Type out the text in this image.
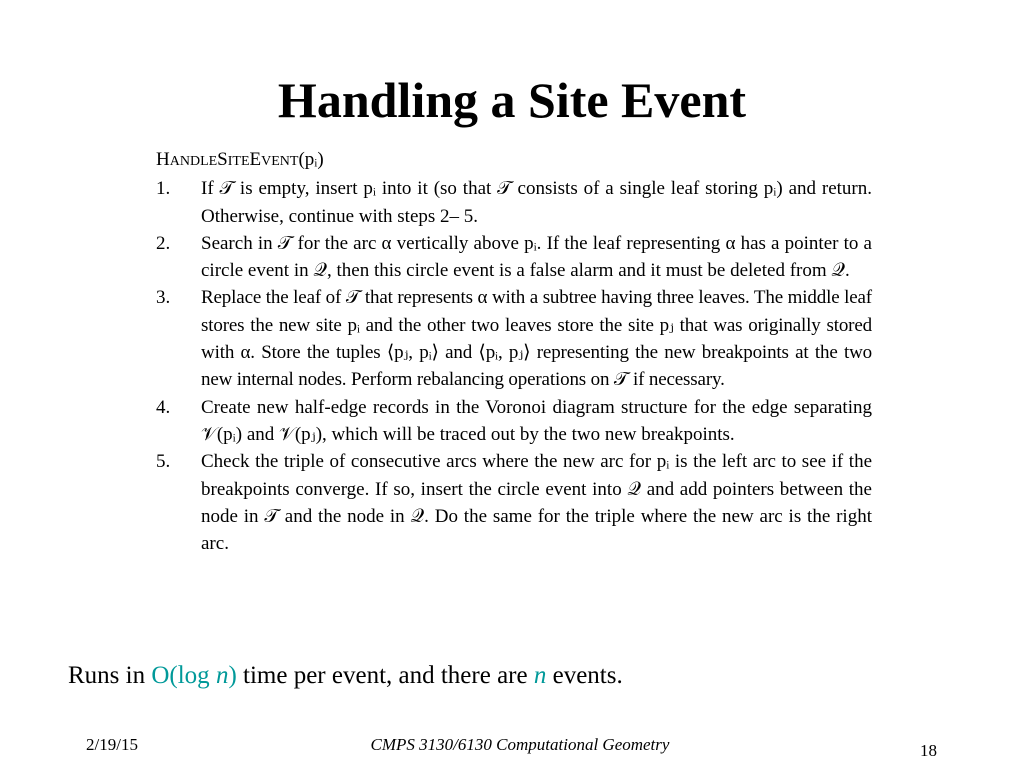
Handling a Site Event
HANDLESITEEVENT(pᵢ)
1. If 𝒯 is empty, insert pᵢ into it (so that 𝒯 consists of a single leaf storing pᵢ) and return. Otherwise, continue with steps 2– 5.
2. Search in 𝒯 for the arc α vertically above pᵢ. If the leaf representing α has a pointer to a circle event in 𝒬, then this circle event is a false alarm and it must be deleted from 𝒬.
3. Replace the leaf of 𝒯 that represents α with a subtree having three leaves. The middle leaf stores the new site pᵢ and the other two leaves store the site pⱼ that was originally stored with α. Store the tuples ⟨pⱼ, pᵢ⟩ and ⟨pᵢ, pⱼ⟩ representing the new breakpoints at the two new internal nodes. Perform rebalancing operations on 𝒯 if necessary.
4. Create new half-edge records in the Voronoi diagram structure for the edge separating 𝒱(pᵢ) and 𝒱(pⱼ), which will be traced out by the two new breakpoints.
5. Check the triple of consecutive arcs where the new arc for pᵢ is the left arc to see if the breakpoints converge. If so, insert the circle event into 𝒬 and add pointers between the node in 𝒯 and the node in 𝒬. Do the same for the triple where the new arc is the right arc.
Runs in O(log n) time per event, and there are n events.
2/19/15	CMPS 3130/6130 Computational Geometry	18
